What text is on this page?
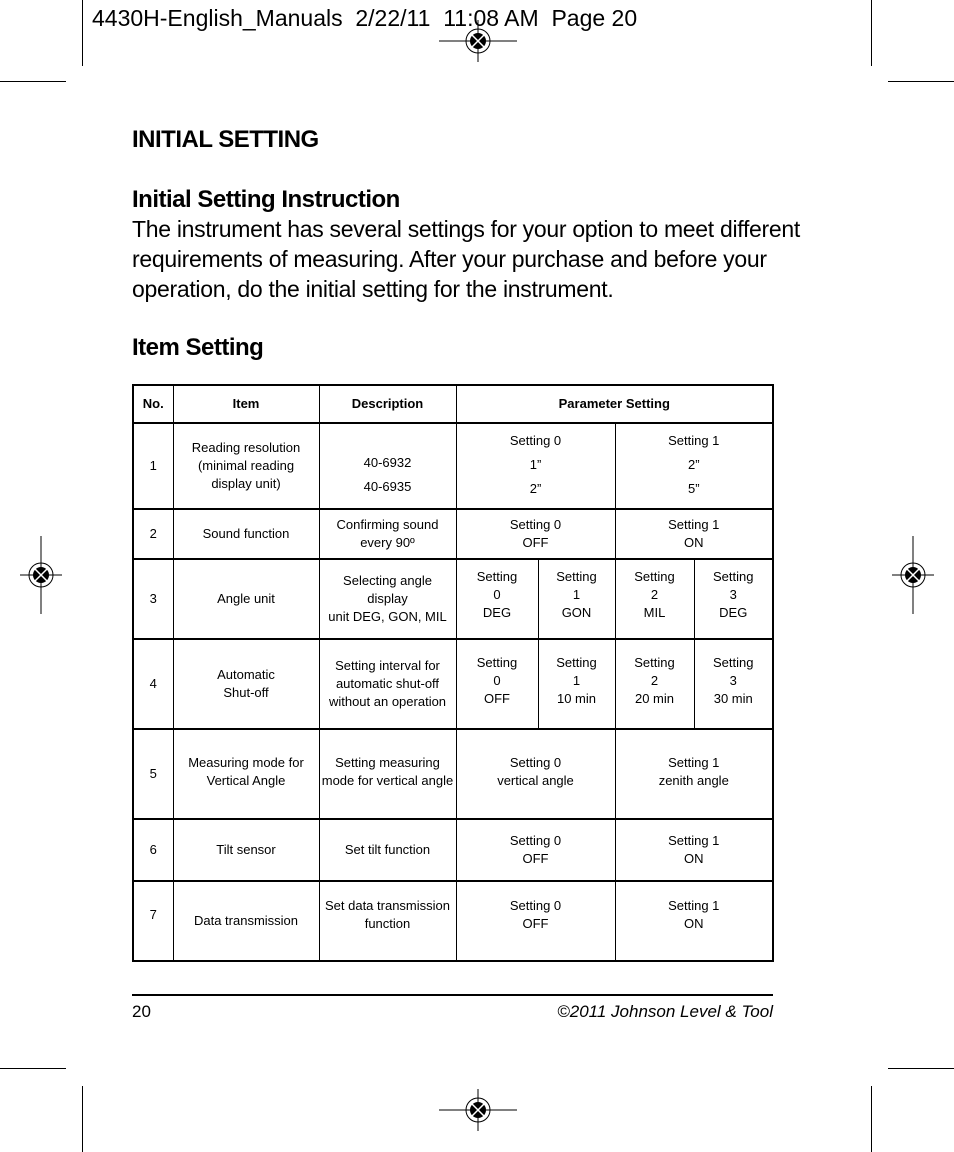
4430H-English_Manuals  2/22/11  11:08 AM  Page 20
INITIAL SETTING
Initial Setting Instruction
The instrument has several settings for your option to meet different
requirements of measuring. After your purchase and before your
operation, do the initial setting for the instrument.
Item Setting
No.	Item	Description	Parameter Setting			
1	Reading resolution
(minimal reading
display unit)	40-6932
40-6935	Setting 0
1”
2”		Setting 1
2”
5”	

2	Sound function	Confirming sound
every 90º	Setting 0
OFF		Setting 1
ON	

3	Angle unit	Selecting angle display
unit DEG, GON, MIL	Setting
0
DEG	Setting
1
GON	Setting
2
MIL	Setting
3
DEG

4	Automatic
Shut-off	Setting interval for
automatic shut-off
without an operation	Setting
0
OFF	Setting
1
10 min	Setting
2
20 min	Setting
3
30 min

5	Measuring mode for
Vertical Angle	Setting measuring
mode for vertical angle	Setting 0
vertical angle		Setting 1
zenith angle	

6	Tilt sensor	Set tilt function	Setting 0
OFF		Setting 1
ON	

7	Data transmission	Set data transmission
function	Setting 0
OFF		Setting 1
ON	
20	©2011 Johnson Level & Tool
